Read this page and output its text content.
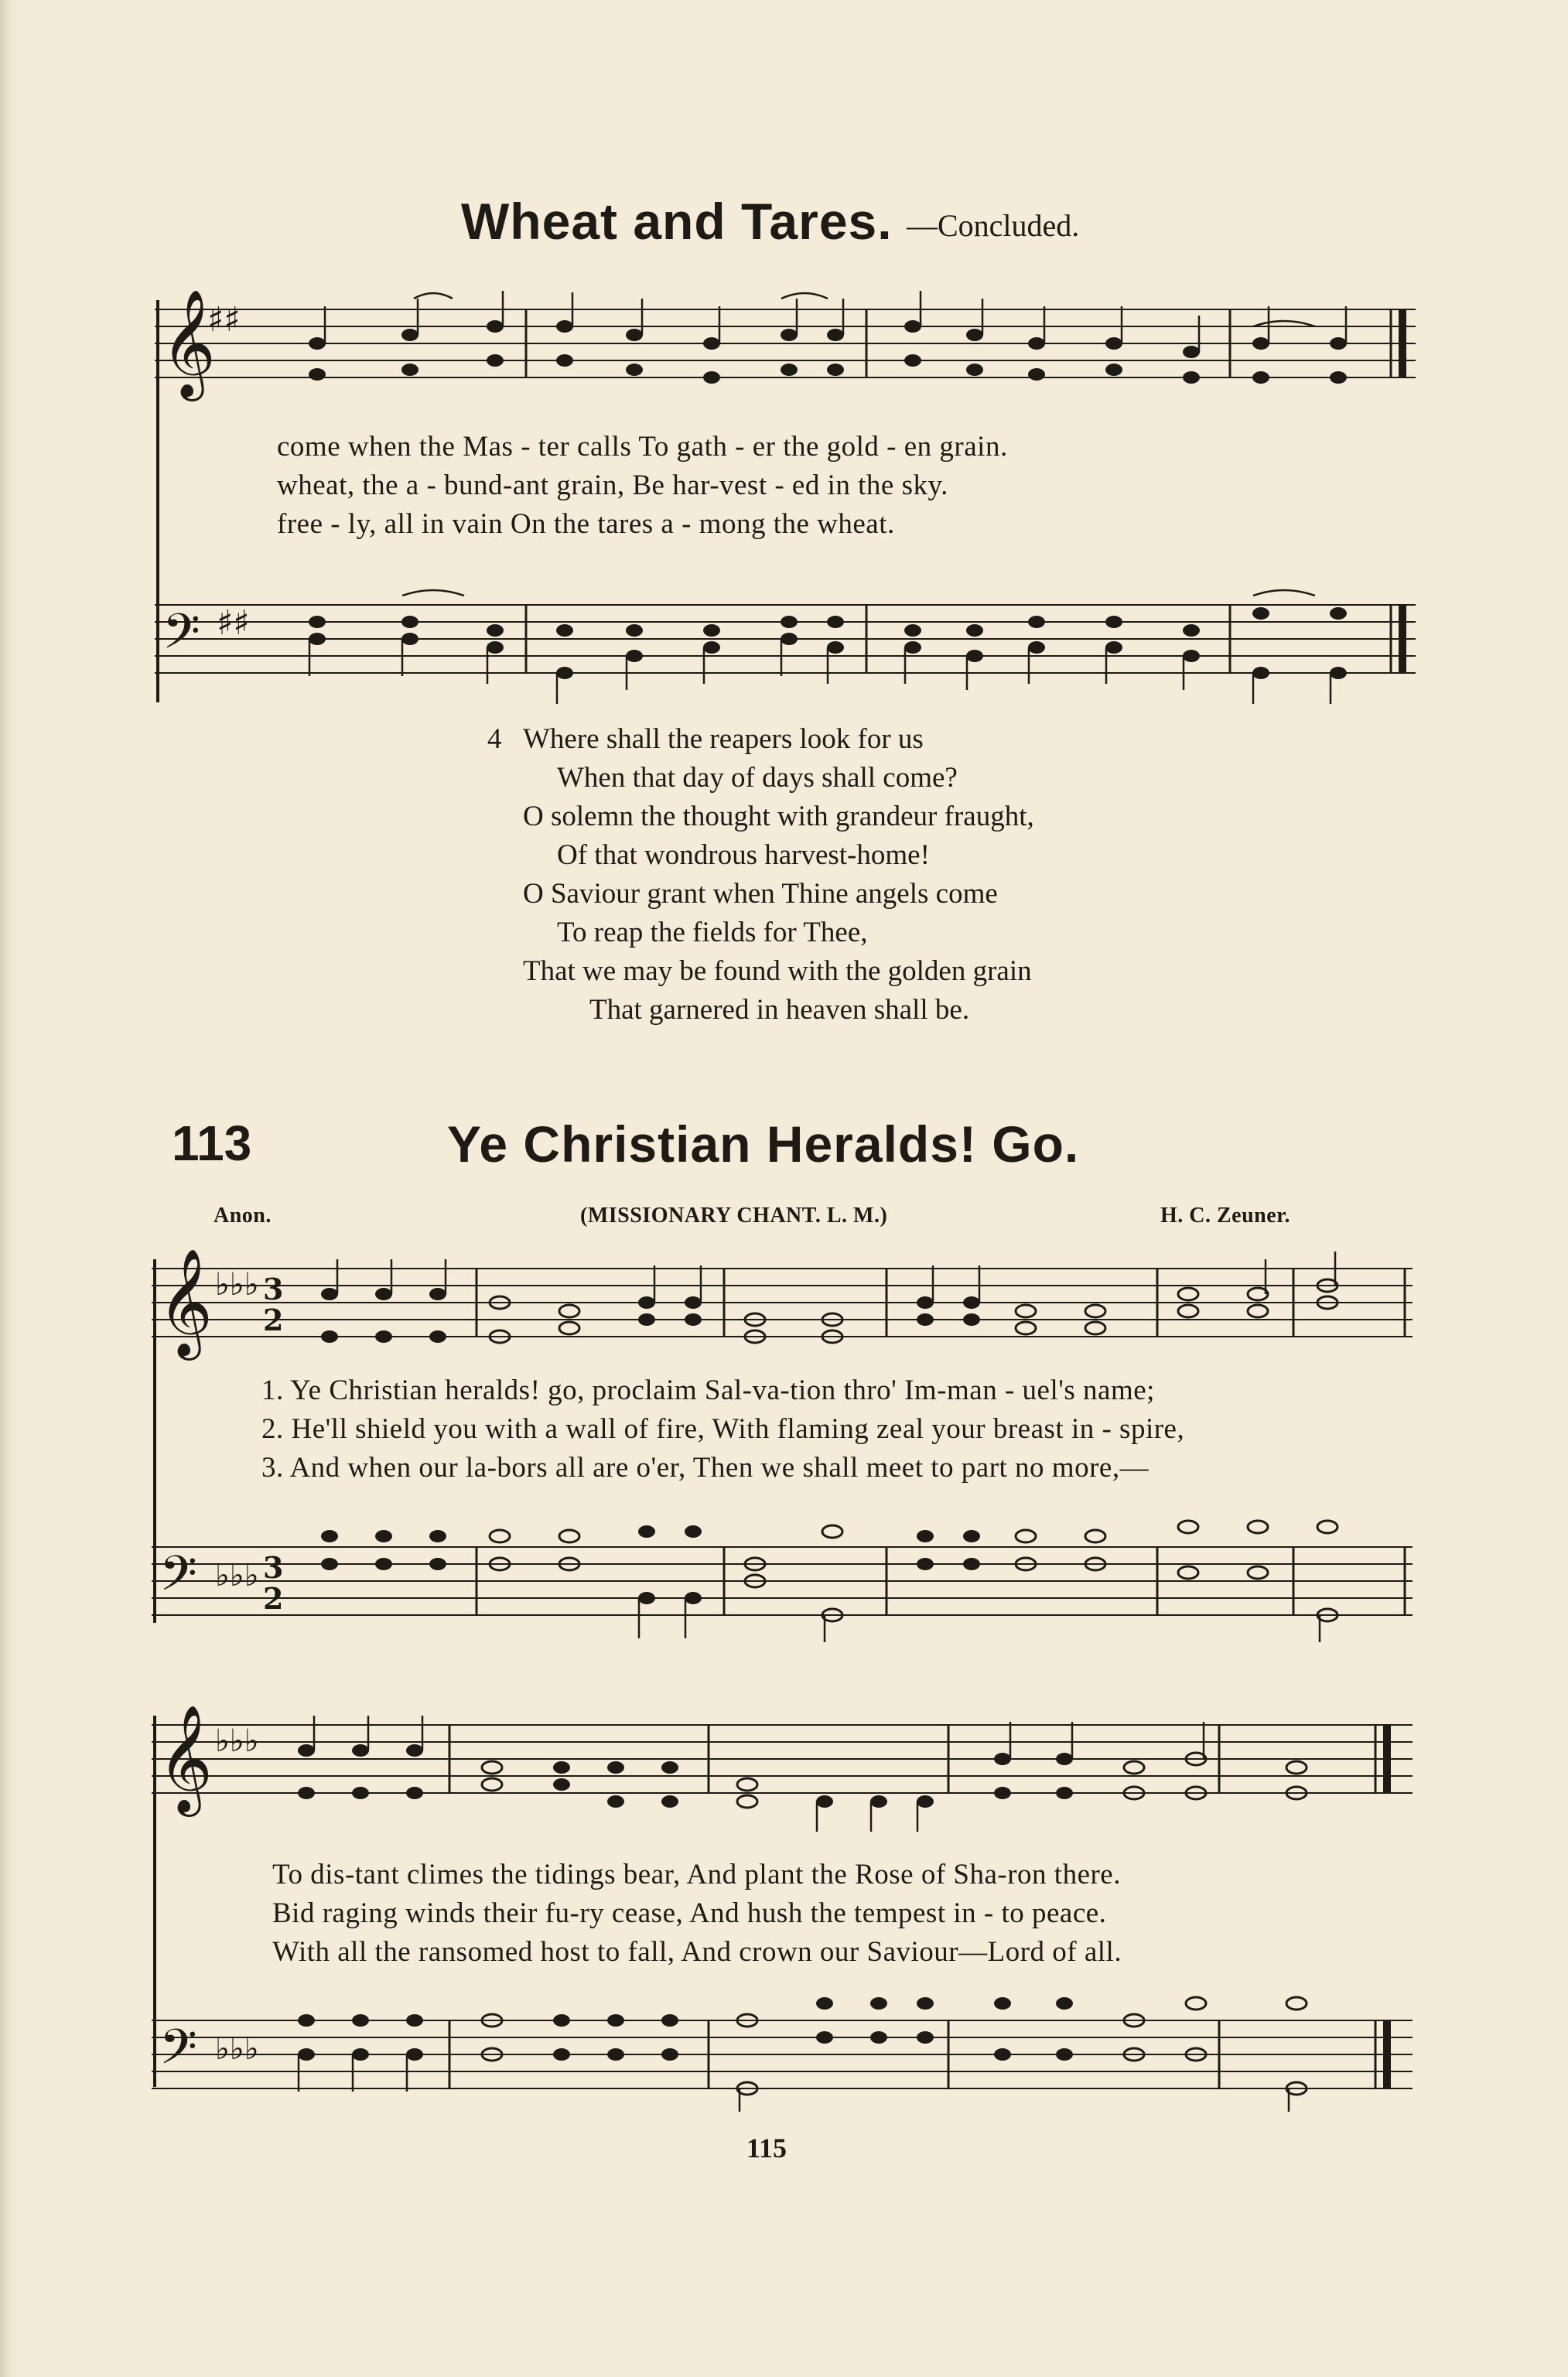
Wheat and Tares. —Concluded.
𝄞
♯♯
come when the Mas - ter calls To gath - er the gold - en grain.
wheat, the a - bund-ant grain, Be har-vest - ed in the sky.
free - ly, all in vain On the tares a - mong the wheat.
𝄢 ♯♯
4 Where shall the reapers look for us
When that day of days shall come?
O solemn the thought with grandeur fraught,
Of that wondrous harvest-home!
O Saviour grant when Thine angels come
To reap the fields for Thee,
That we may be found with the golden grain
That garnered in heaven shall be.
113	Ye Christian Heralds! Go.
Anon.	(MISSIONARY CHANT. L. M.)	H. C. Zeuner.
𝄞 ♭♭♭ 3
2
1. Ye Christian heralds! go, proclaim Sal-va-tion thro' Im-man - uel's name;
2. He'll shield you with a wall of fire, With flaming zeal your breast in - spire,
3. And when our la-bors all are o'er, Then we shall meet to part no more,—
𝄢 ♭♭♭ 3
2
𝄞 ♭♭♭
To dis-tant climes the tidings bear, And plant the Rose of Sha-ron there.
Bid raging winds their fu-ry cease, And hush the tempest in - to peace.
With all the ransomed host to fall, And crown our Saviour—Lord of all.
𝄢 ♭♭♭
115
